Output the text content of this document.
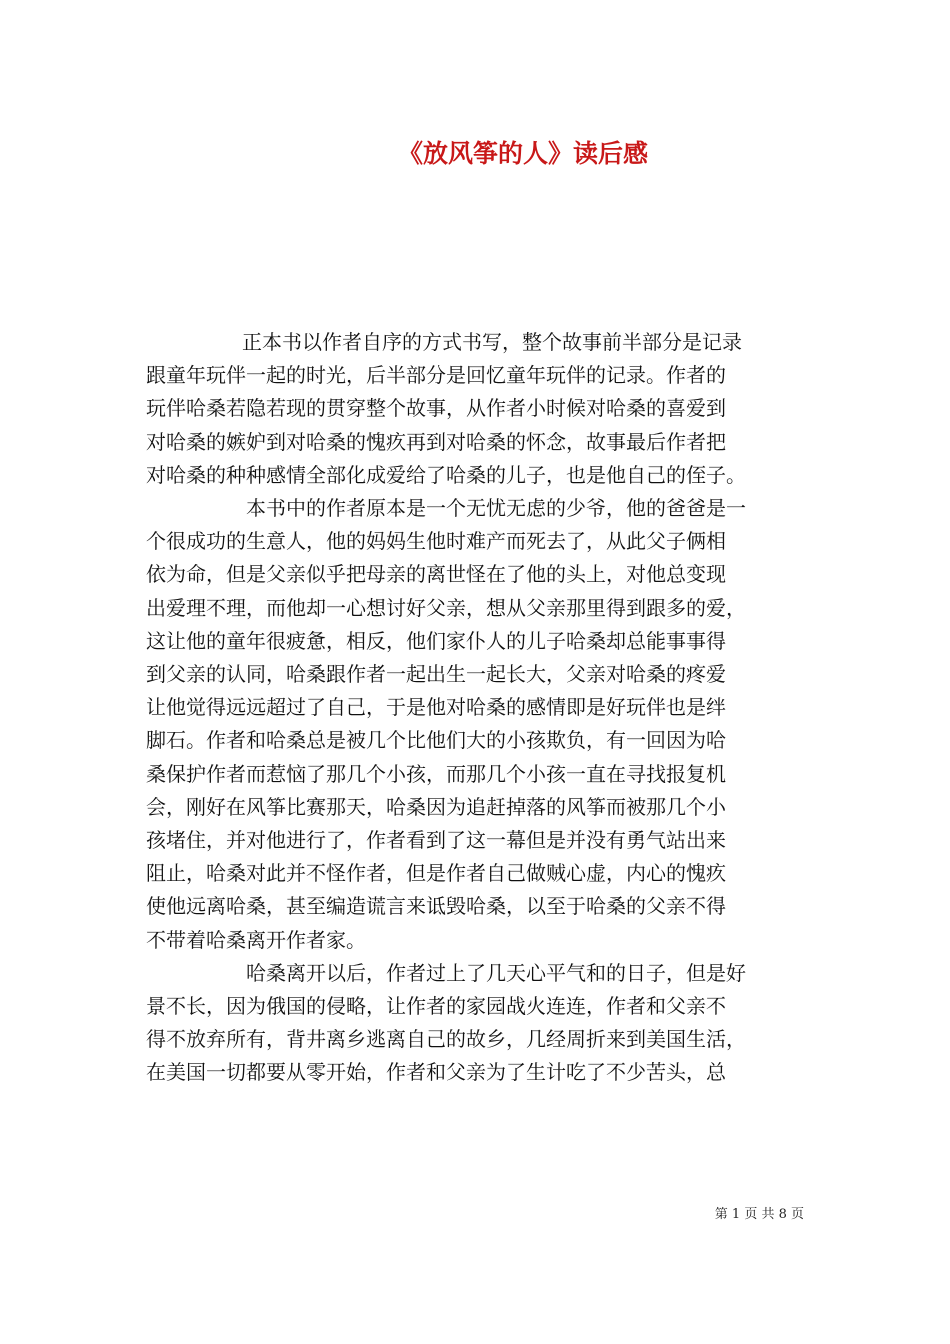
《放风筝的人》读后感

正本书以作者自序的方式书写，整个故事前半部分是记录
跟童年玩伴一起的时光，后半部分是回忆童年玩伴的记录。作者的
玩伴哈桑若隐若现的贯穿整个故事，从作者小时候对哈桑的喜爱到
对哈桑的嫉妒到对哈桑的愧疚再到对哈桑的怀念，故事最后作者把
对哈桑的种种感情全部化成爱给了哈桑的儿子，也是他自己的侄子。

本书中的作者原本是一个无忧无虑的少爷，他的爸爸是一
个很成功的生意人，他的妈妈生他时难产而死去了，从此父子俩相
依为命，但是父亲似乎把母亲的离世怪在了他的头上，对他总变现
出爱理不理，而他却一心想讨好父亲，想从父亲那里得到跟多的爱，
这让他的童年很疲惫，相反，他们家仆人的儿子哈桑却总能事事得
到父亲的认同，哈桑跟作者一起出生一起长大，父亲对哈桑的疼爱
让他觉得远远超过了自己，于是他对哈桑的感情即是好玩伴也是绊
脚石。作者和哈桑总是被几个比他们大的小孩欺负，有一回因为哈
桑保护作者而惹恼了那几个小孩，而那几个小孩一直在寻找报复机
会，刚好在风筝比赛那天，哈桑因为追赶掉落的风筝而被那几个小
孩堵住，并对他进行了，作者看到了这一幕但是并没有勇气站出来
阻止，哈桑对此并不怪作者，但是作者自己做贼心虚，内心的愧疚
使他远离哈桑，甚至编造谎言来诋毁哈桑，以至于哈桑的父亲不得
不带着哈桑离开作者家。

哈桑离开以后，作者过上了几天心平气和的日子，但是好
景不长，因为俄国的侵略，让作者的家园战火连连，作者和父亲不
得不放弃所有，背井离乡逃离自己的故乡，几经周折来到美国生活，
在美国一切都要从零开始，作者和父亲为了生计吃了不少苦头，总

第 1 页 共 8 页
